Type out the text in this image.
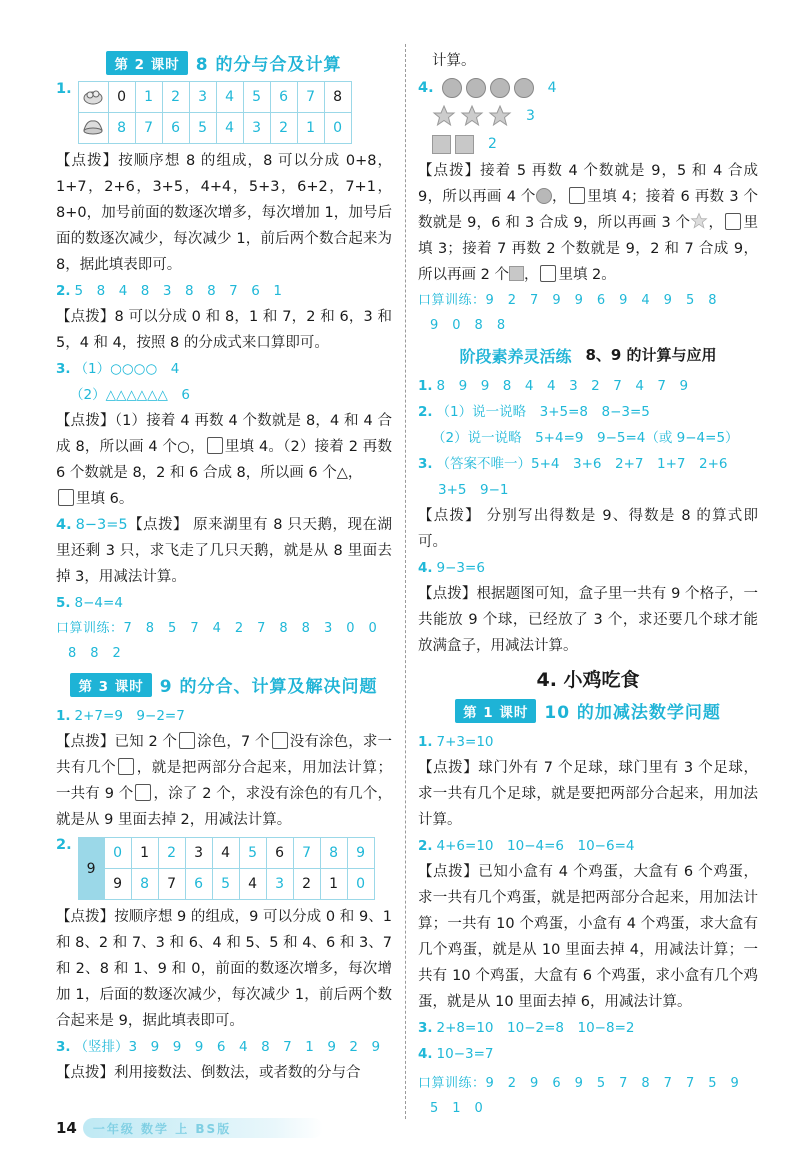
第 2 课时 8 的分与合及计算
1.
		0	1	2	3	4	5	6	7	8
	8	7	6	5	4	3	2	1	0

【点拨】按顺序想 8 的组成，8 可以分成 0+8，1+7，2+6，3+5，4+4，5+3，6+2，7+1，8+0，加号前面的数逐次增多，每次增加 1，加号后面的数逐次减少，每次减少 1，前后两个数合起来为 8，据此填表即可。

2. 5　8　4　8　3　8　8　7　6　1

【点拨】8 可以分成 0 和 8，1 和 7，2 和 6，3 和 5，4 和 4，按照 8 的分成式来口算即可。

3. （1）○○○○　4
（2）△△△△△△　6

【点拨】（1）接着 4 再数 4 个数就是 8，4 和 4 合成 8，所以画 4 个○， 里填 4。（2）接着 2 再数 6 个数就是 8，2 和 6 合成 8，所以画 6 个△，
里填 6。

4. 8−3=5【点拨】 原来湖里有 8 只天鹅，现在湖里还剩 3 只，求飞走了几只天鹅，就是从 8 里面去掉 3，用减法计算。

5. 8−4=4
口算训练：7　8　5　7　4　2　7　8　8　3　0　0
8　8　2
第 3 课时 9 的分合、计算及解决问题
1. 2+7=9　9−2=7

【点拨】已知 2 个 涂色，7 个 没有涂色，求一共有几个 ，就是把两部分合起来，用加法计算；一共有 9 个 ，涂了 2 个，求没有涂色的有几个，就是从 9 里面去掉 2，用减法计算。

2.
9	0	1	2	3	4	5	6	7	8	9
	9	8	7	6	5	4	3	2	1	0

【点拨】按顺序想 9 的组成，9 可以分成 0 和 9、1 和 8、2 和 7、3 和 6、4 和 5、5 和 4、6 和 3、7 和 2、8 和 1、9 和 0，前面的数逐次增多，每次增加 1，后面的数逐次减少，每次减少 1，前后两个数合起来是 9，据此填表即可。

3. （竖排）3　9　9　9　6　4　8　7　1　9　2　9

【点拨】利用接数法、倒数法，或者数的分与合

计算。

4.	4
3
2

【点拨】接着 5 再数 4 个数就是 9，5 和 4 合成 9，所以再画 4 个 ， 里填 4；接着 6 再数 3 个数就是 9，6 和 3 合成 9，所以再画 3 个 ， 里填 3；接着 7 再数 2 个数就是 9，2 和 7 合成 9，所以再画 2 个 ， 里填 2。

口算训练：9　2　7　9　9　6　9　4　9　5　8
9　0　8　8
阶段素养灵活练 8、9 的计算与应用
1. 8　9　9　8　4　4　3　2　7　4　7　9
2. （1）说一说略　3+5=8　8−3=5
（2）说一说略　5+4=9　9−5=4（或 9−4=5）
3. （答案不唯一）5+4　3+6　2+7　1+7　2+6
3+5　9−1

【点拨】 分别写出得数是 9、得数是 8 的算式即可。

4. 9−3=6

【点拨】根据题图可知，盒子里一共有 9 个格子，一共能放 9 个球，已经放了 3 个，求还要几个球才能放满盒子，用减法计算。

4. 小鸡吃食
第 1 课时 10 的加减法数学问题
1. 7+3=10

【点拨】球门外有 7 个足球，球门里有 3 个足球，求一共有几个足球，就是要把两部分合起来，用加法计算。

2. 4+6=10　10−4=6　10−6=4

【点拨】已知小盒有 4 个鸡蛋，大盒有 6 个鸡蛋，求一共有几个鸡蛋，就是把两部分合起来，用加法计算；一共有 10 个鸡蛋，小盒有 4 个鸡蛋，求大盒有几个鸡蛋，就是从 10 里面去掉 4，用减法计算；一共有 10 个鸡蛋，大盒有 6 个鸡蛋，求小盒有几个鸡蛋，就是从 10 里面去掉 6，用减法计算。

3. 2+8=10　10−2=8　10−8=2
4. 10−3=7
口算训练：9　2　9　6　9　5　7　8　7　7　5　9
5　1　0
14 一年级 数学 上 BS版
